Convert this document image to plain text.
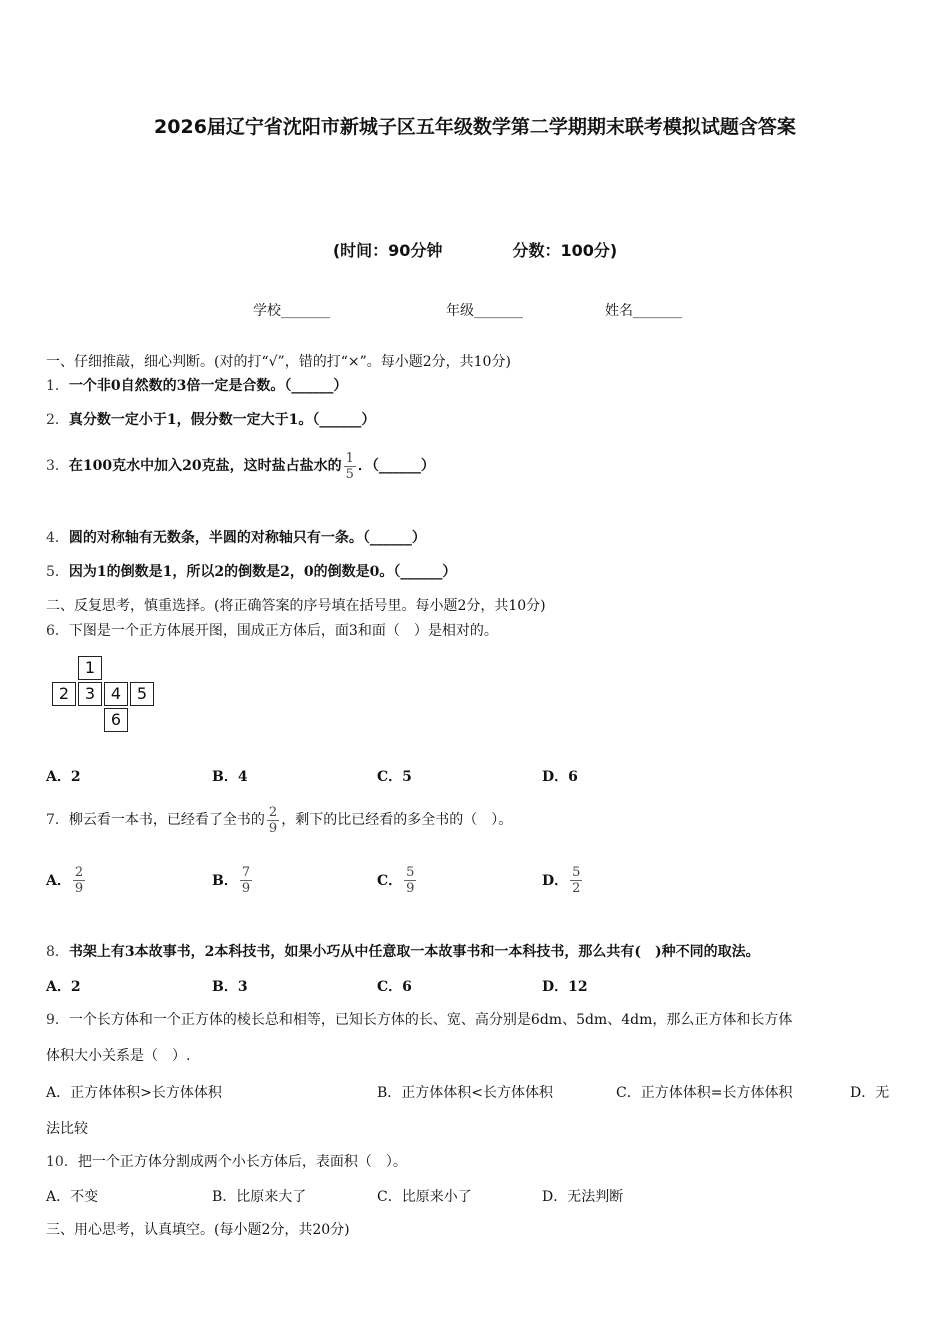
2026届辽宁省沈阳市新城子区五年级数学第二学期期末联考模拟试题含答案
(时间：90分钟	分数：100分)
学校_______	年级_______	姓名_______
一、仔细推敲，细心判断。(对的打“√”，错的打“×”。每小题2分，共10分)
1．一个非0自然数的3倍一定是合数。（______）
2．真分数一定小于1，假分数一定大于1。（______）
3． 在100克水中加入20克盐，这时盐占盐水的 $\frac{1}{5}$ ．（______）
4．圆的对称轴有无数条，半圆的对称轴只有一条。（______）
5．因为1的倒数是1，所以2的倒数是2，0的倒数是0。（______）
二、反复思考，慎重选择。(将正确答案的序号填在括号里。每小题2分，共10分)
6．下图是一个正方体展开图，围成正方体后，面3和面（　）是相对的。
1
2 3 4 5
6
A．2	B．4	C．5	D．6
7． 柳云看一本书，已经看了全书的 $\frac{2}{9}$ ，剩下的比已经看的多全书的（　）。
A． $\frac{2}{9}$	B． $\frac{7}{9}$	C． $\frac{5}{9}$	D． $\frac{5}{2}$
8．书架上有3本故事书，2本科技书，如果小巧从中任意取一本故事书和一本科技书，那么共有(　)种不同的取法。
A．2	B．3	C．6	D．12
9．一个长方体和一个正方体的棱长总和相等，已知长方体的长、宽、高分别是6dm、5dm、4dm，那么正方体和长方体
体积大小关系是（　）.
A．正方体体积>长方体体积	B．正方体体积<长方体体积	C．正方体体积=长方体体积	D．无
法比较
10．把一个正方体分割成两个小长方体后，表面积（　）。
A．不变	B．比原来大了	C．比原来小了	D．无法判断
三、用心思考，认真填空。(每小题2分，共20分)
